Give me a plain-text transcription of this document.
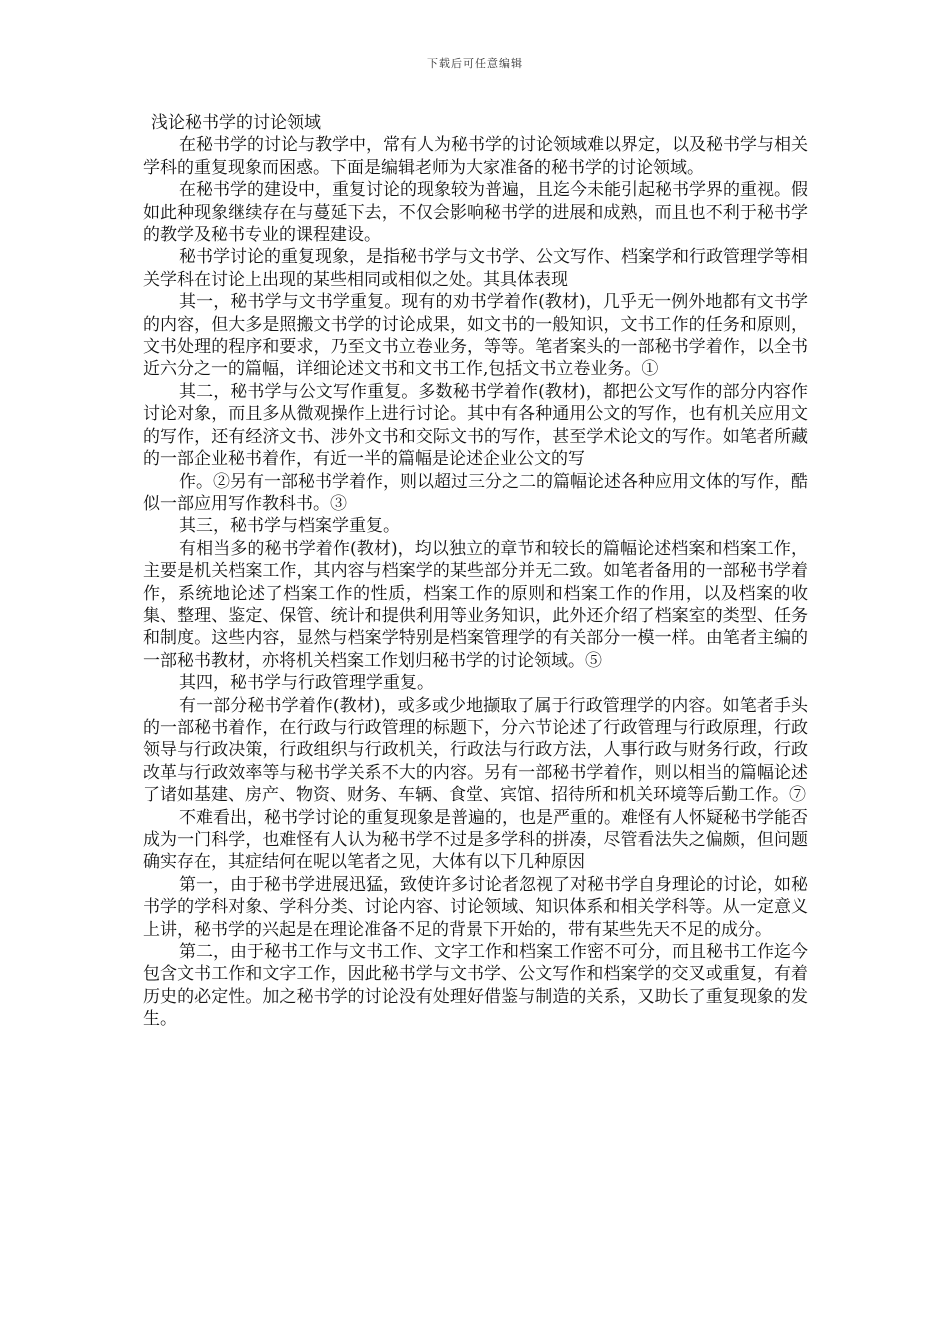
下载后可任意编辑
浅论秘书学的讨论领域

在秘书学的讨论与教学中，常有人为秘书学的讨论领域难以界定，以及秘书学与相关学科的重复现象而困惑。下面是编辑老师为大家准备的秘书学的讨论领域。

在秘书学的建设中，重复讨论的现象较为普遍，且迄今未能引起秘书学界的重视。假如此种现象继续存在与蔓延下去，不仅会影响秘书学的进展和成熟，而且也不利于秘书学的教学及秘书专业的课程建设。

秘书学讨论的重复现象，是指秘书学与文书学、公文写作、档案学和行政管理学等相关学科在讨论上出现的某些相同或相似之处。其具体表现

其一，秘书学与文书学重复。现有的劝书学着作(教材)，几乎无一例外地都有文书学的内容，但大多是照搬文书学的讨论成果，如文书的一般知识，文书工作的任务和原则，文书处理的程序和要求，乃至文书立卷业务，等等。笔者案头的一部秘书学着作，以全书近六分之一的篇幅，详细论述文书和文书工作,包括文书立卷业务。①

其二，秘书学与公文写作重复。多数秘书学着作(教材)，都把公文写作的部分内容作讨论对象，而且多从微观操作上进行讨论。其中有各种通用公文的写作，也有机关应用文的写作，还有经济文书、涉外文书和交际文书的写作，甚至学术论文的写作。如笔者所藏的一部企业秘书着作，有近一半的篇幅是论述企业公文的写

作。②另有一部秘书学着作，则以超过三分之二的篇幅论述各种应用文体的写作，酷似一部应用写作教科书。③

其三，秘书学与档案学重复。

有相当多的秘书学着作(教材)，均以独立的章节和较长的篇幅论述档案和档案工作，主要是机关档案工作，其内容与档案学的某些部分并无二致。如笔者备用的一部秘书学着作，系统地论述了档案工作的性质，档案工作的原则和档案工作的作用，以及档案的收集、整理、鉴定、保管、统计和提供利用等业务知识，此外还介绍了档案室的类型、任务和制度。这些内容，显然与档案学特别是档案管理学的有关部分一模一样。由笔者主编的一部秘书教材，亦将机关档案工作划归秘书学的讨论领域。⑤

其四，秘书学与行政管理学重复。

有一部分秘书学着作(教材)，或多或少地撷取了属于行政管理学的内容。如笔者手头的一部秘书着作，在行政与行政管理的标题下，分六节论述了行政管理与行政原理，行政领导与行政决策，行政组织与行政机关，行政法与行政方法，人事行政与财务行政，行政改革与行政效率等与秘书学关系不大的内容。另有一部秘书学着作，则以相当的篇幅论述了诸如基建、房产、物资、财务、车辆、食堂、宾馆、招待所和机关环境等后勤工作。⑦

不难看出，秘书学讨论的重复现象是普遍的，也是严重的。难怪有人怀疑秘书学能否成为一门科学，也难怪有人认为秘书学不过是多学科的拼凑，尽管看法失之偏颇，但问题确实存在，其症结何在呢以笔者之见，大体有以下几种原因

第一，由于秘书学进展迅猛，致使许多讨论者忽视了对秘书学自身理论的讨论，如秘书学的学科对象、学科分类、讨论内容、讨论领域、知识体系和相关学科等。从一定意义上讲，秘书学的兴起是在理论准备不足的背景下开始的，带有某些先天不足的成分。

第二，由于秘书工作与文书工作、文字工作和档案工作密不可分，而且秘书工作迄今包含文书工作和文字工作，因此秘书学与文书学、公文写作和档案学的交叉或重复，有着历史的必定性。加之秘书学的讨论没有处理好借鉴与制造的关系，又助长了重复现象的发生。
